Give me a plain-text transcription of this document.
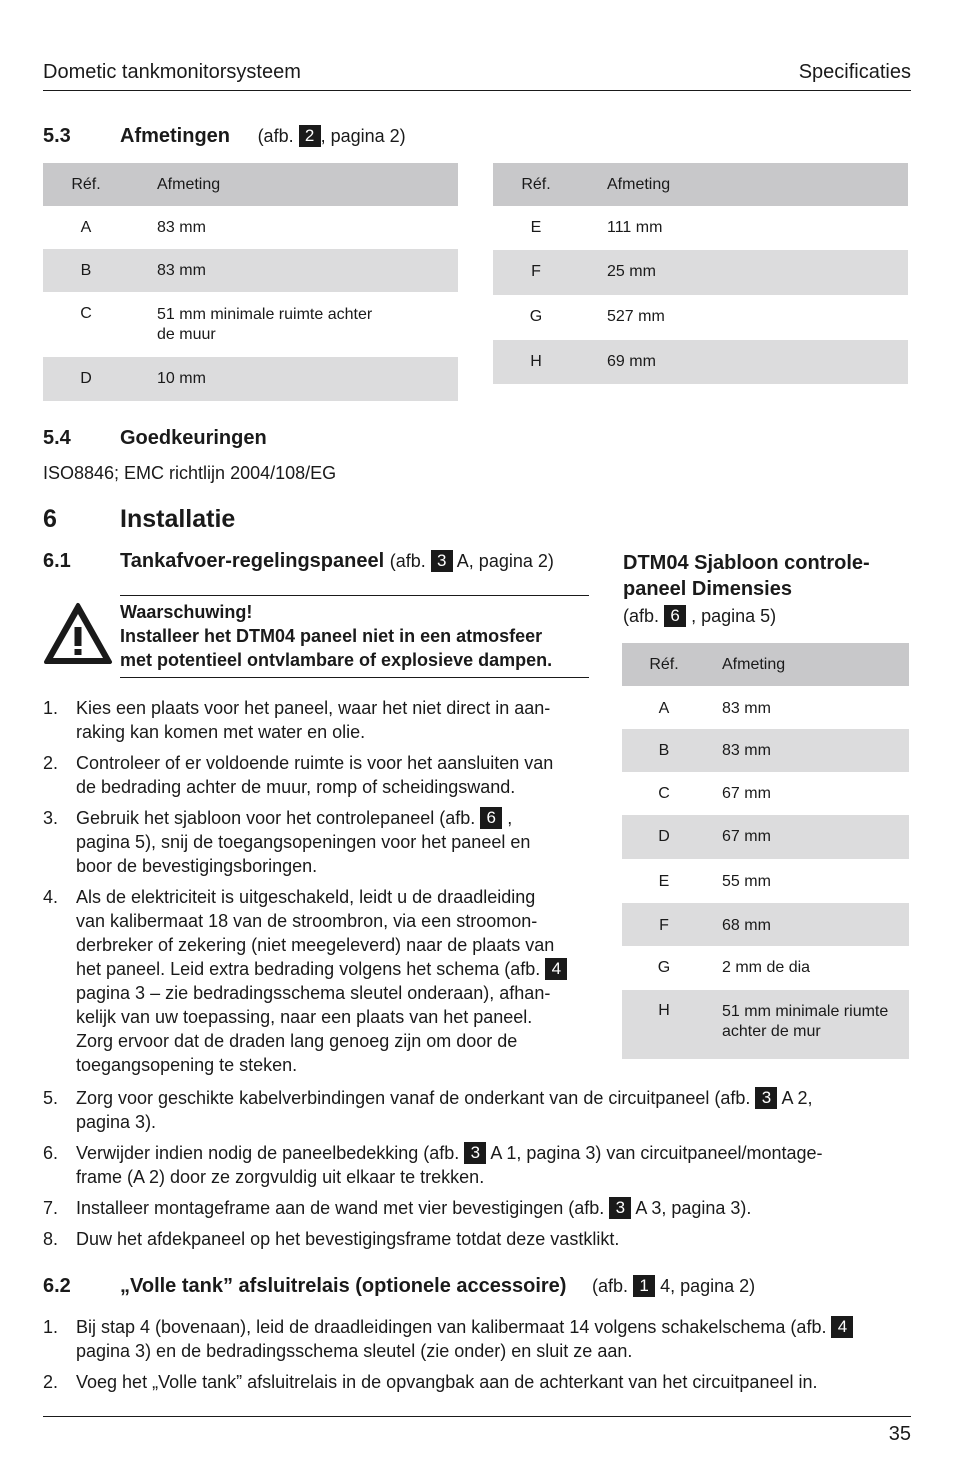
Dometic tankmonitorsysteem	Specificaties
5.3 Afmetingen (afb. 2 , pagina 2)
Réf.	Afmeting
A	83 mm
B	83 mm
C	51 mm minimale ruimte achter de muur
D	10 mm
Réf.	Afmeting
E	111 mm
F	25 mm
G	527 mm
H	69 mm
5.4 Goedkeuringen
ISO8846; EMC richtlijn 2004/108/EG
6	Installatie
6.1 Tankafvoer-regelingspaneel (afb. 3 A, pagina 2)
Waarschuwing!
Installeer het DTM04 paneel niet in een atmosfeer
met potentieel ontvlambare of explosieve dampen.
1. Kies een plaats voor het paneel, waar het niet direct in aan-
raking kan komen met water en olie.
2. Controleer of er voldoende ruimte is voor het aansluiten van
de bedrading achter de muur, romp of scheidingswand.
3. Gebruik het sjabloon voor het controlepaneel (afb. 6 ,
pagina 5), snij de toegangsopeningen voor het paneel en
boor de bevestigingsboringen.
4. Als de elektriciteit is uitgeschakeld, leidt u de draadleiding
van kalibermaat 18 van de stroombron, via een stroomon-
derbreker of zekering (niet meegeleverd) naar de plaats van
het paneel. Leid extra bedrading volgens het schema (afb. 4
pagina 3 – zie bedradingsschema sleutel onderaan), afhan-
kelijk van uw toepassing, naar een plaats van het paneel.
Zorg ervoor dat de draden lang genoeg zijn om door de
toegangsopening te steken.
5. Zorg voor geschikte kabelverbindingen vanaf de onderkant van de circuitpaneel (afb. 3 A 2,
pagina 3).
6. Verwijder indien nodig de paneelbedekking (afb. 3 A 1, pagina 3) van circuitpaneel/montage-
frame (A 2) door ze zorgvuldig uit elkaar te trekken.
7. Installeer montageframe aan de wand met vier bevestigingen (afb. 3 A 3, pagina 3).
8. Duw het afdekpaneel op het bevestigingsframe totdat deze vastklikt.
DTM04 Sjabloon controle-
paneel Dimensies
(afb. 6 , pagina 5)
Réf.	Afmeting
A	83 mm
B	83 mm
C	67 mm
D	67 mm
E	55 mm
F	68 mm
G	2 mm de dia
H	51 mm minimale riumte achter de mur
6.2 „Volle tank” afsluitrelais (optionele accessoire) (afb. 1 4, pagina 2)
1. Bij stap 4 (bovenaan), leid de draadleidingen van kalibermaat 14 volgens schakelschema (afb. 4
pagina 3) en de bedradingsschema sleutel (zie onder) en sluit ze aan.
2. Voeg het „Volle tank” afsluitrelais in de opvangbak aan de achterkant van het circuitpaneel in.
35
